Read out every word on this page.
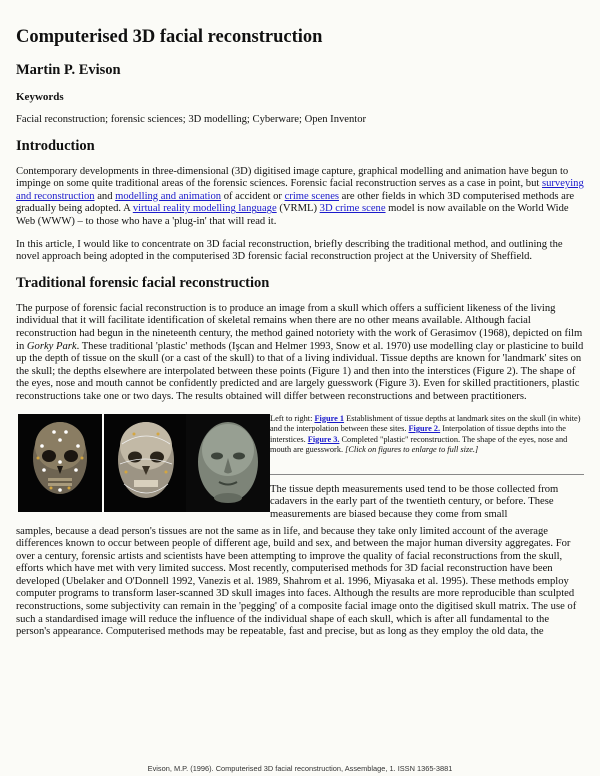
Computerised 3D facial reconstruction
Martin P. Evison
Keywords

Facial reconstruction; forensic sciences; 3D modelling; Cyberware; Open Inventor

Introduction

Contemporary developments in three-dimensional (3D) digitised image capture, graphical modelling and animation have begun to impinge on some quite traditional areas of the forensic sciences. Forensic facial reconstruction serves as a case in point, but surveying and reconstruction and modelling and animation of accident or crime scenes are other fields in which 3D computerised methods are gradually being adopted. A virtual reality modelling language (VRML) 3D crime scene model is now available on the World Wide Web (WWW) – to those who have a 'plug-in' that will read it.

In this article, I would like to concentrate on 3D facial reconstruction, briefly describing the traditional method, and outlining the novel approach being adopted in the computerised 3D forensic facial reconstruction project at the University of Sheffield.

Traditional forensic facial reconstruction

The purpose of forensic facial reconstruction is to produce an image from a skull which offers a sufficient likeness of the living individual that it will facilitate identification of skeletal remains when there are no other means available. Although facial reconstruction had begun in the nineteenth century, the method gained notoriety with the work of Gerasimov (1968), depicted on film in Gorky Park. These traditional 'plastic' methods (Işcan and Helmer 1993, Snow et al. 1970) use modelling clay or plasticine to build up the depth of tissue on the skull (or a cast of the skull) to that of a living individual. Tissue depths are known for 'landmark' sites on the skull; the depths elsewhere are interpolated between these points (Figure 1) and then into the interstices (Figure 2). The shape of the eyes, nose and mouth cannot be confidently predicted and are largely guesswork (Figure 3). Even for skilled practitioners, plastic reconstructions take one or two days. The results obtained will differ between reconstructions and between practitioners.

Left to right: Figure 1 Establishment of tissue depths at landmark sites on the skull (in white) and the interpolation between these sites. Figure 2. Interpolation of tissue depths into the interstices. Figure 3. Completed "plastic" reconstruction. The shape of the eyes, nose and mouth are guesswork. [Click on figures to enlarge to full size.]
The tissue depth measurements used tend to be those collected from cadavers in the early part of the twentieth century, or before. These measurements are biased because they come from small

samples, because a dead person's tissues are not the same as in life, and because they take only limited account of the average differences known to occur between people of different age, build and sex, and between the major human diversity aggregates. For over a century, forensic artists and scientists have been attempting to improve the quality of facial reconstructions from the skull, efforts which have met with very limited success. Most recently, computerised methods for 3D facial reconstruction have been developed (Ubelaker and O'Donnell 1992, Vanezis et al. 1989, Shahrom et al. 1996, Miyasaka et al. 1995). These methods employ computer programs to transform laser-scanned 3D skull images into faces. Although the results are more reproducible than sculpted reconstructions, some subjectivity can remain in the 'pegging' of a composite facial image onto the digitised skull matrix. The use of such a standardised image will reduce the influence of the individual shape of each skull, which is after all fundamental to the person's appearance. Computerised methods may be repeatable, fast and precise, but as long as they employ the old data, the

Evison, M.P. (1996). Computerised 3D facial reconstruction, Assemblage, 1. ISSN 1365-3881
